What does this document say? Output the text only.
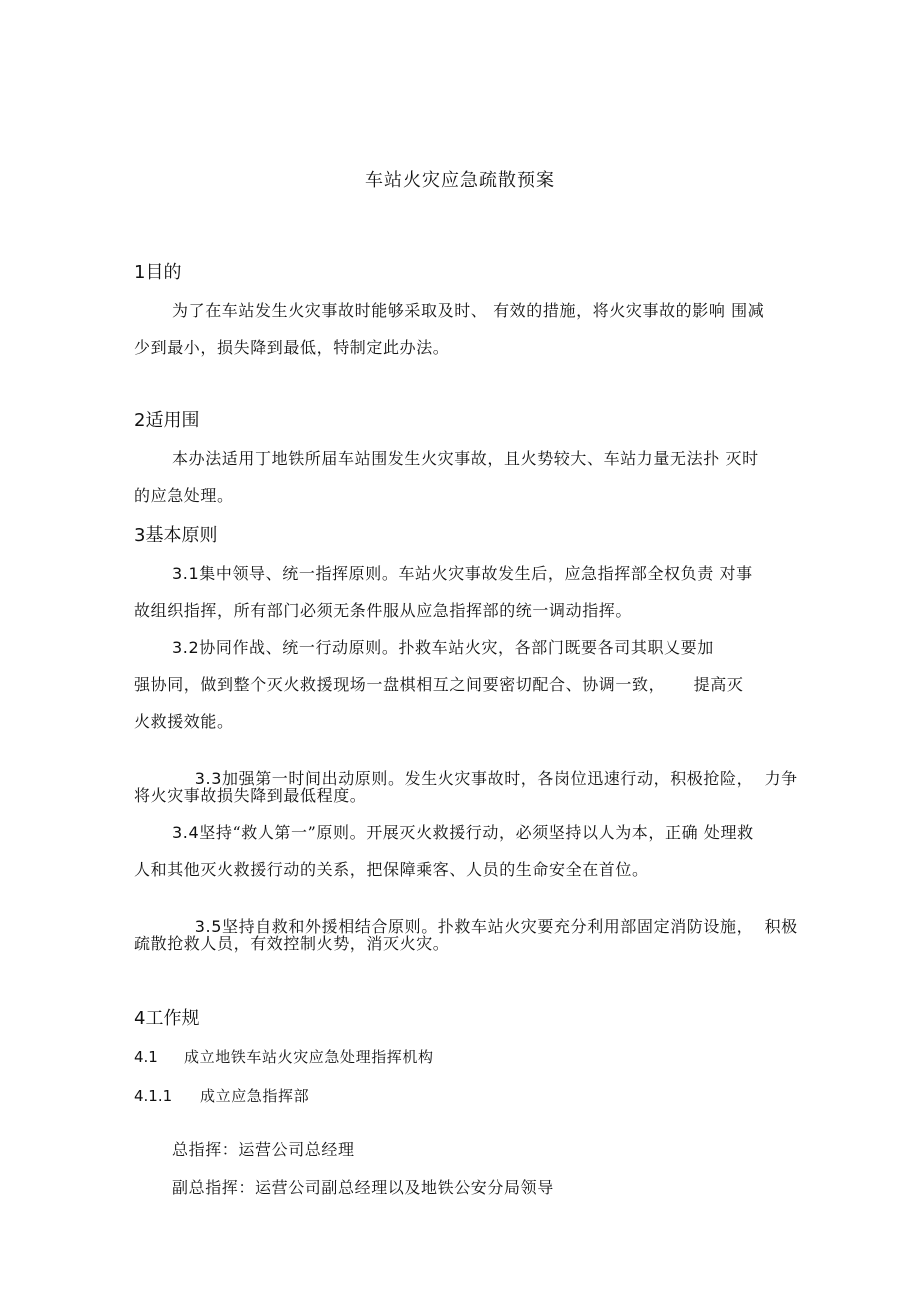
车站火灾应急疏散预案
1目的
为了在车站发生火灾事故时能够采取及时、 有效的措施，将火灾事故的影响 围减
少到最小，损失降到最低，特制定此办法。
2适用围
本办法适用丁地铁所届车站围发生火灾事故，且火势较大、车站力量无法扑 灭时
的应急处理。
3基本原则
3.1集中领导、统一指挥原则。车站火灾事故发生后，应急指挥部全权负责 对事
故组织指挥，所有部门必须无条件服从应急指挥部的统一调动指挥。
3.2协同作战、统一行动原则。扑救车站火灾，各部门既要各司其职乂要加
强协同，做到整个灭火救援现场一盘棋相互之间要密切配合、协调一致，     提高灭
火救援效能。

3.3加强第一时间出动原则。发生火灾事故时，各岗位迅速行动，积极抢险，  力争

将火灾事故损失降到最低程度。
3.4坚持“救人第一”原则。开展灭火救援行动，必须坚持以人为本，正确 处理救
人和其他灭火救援行动的关系，把保障乘客、人员的生命安全在首位。

3.5坚持自救和外援相结合原则。扑救车站火灾要充分利用部固定消防设施，  积极

疏散抢救人员，有效控制火势，消灭火灾。
4工作规
4.1 成立地铁车站火灾应急处理指挥机构
4.1.1 成立应急指挥部
总指挥：运营公司总经理
副总指挥：运营公司副总经理以及地铁公安分局领导
